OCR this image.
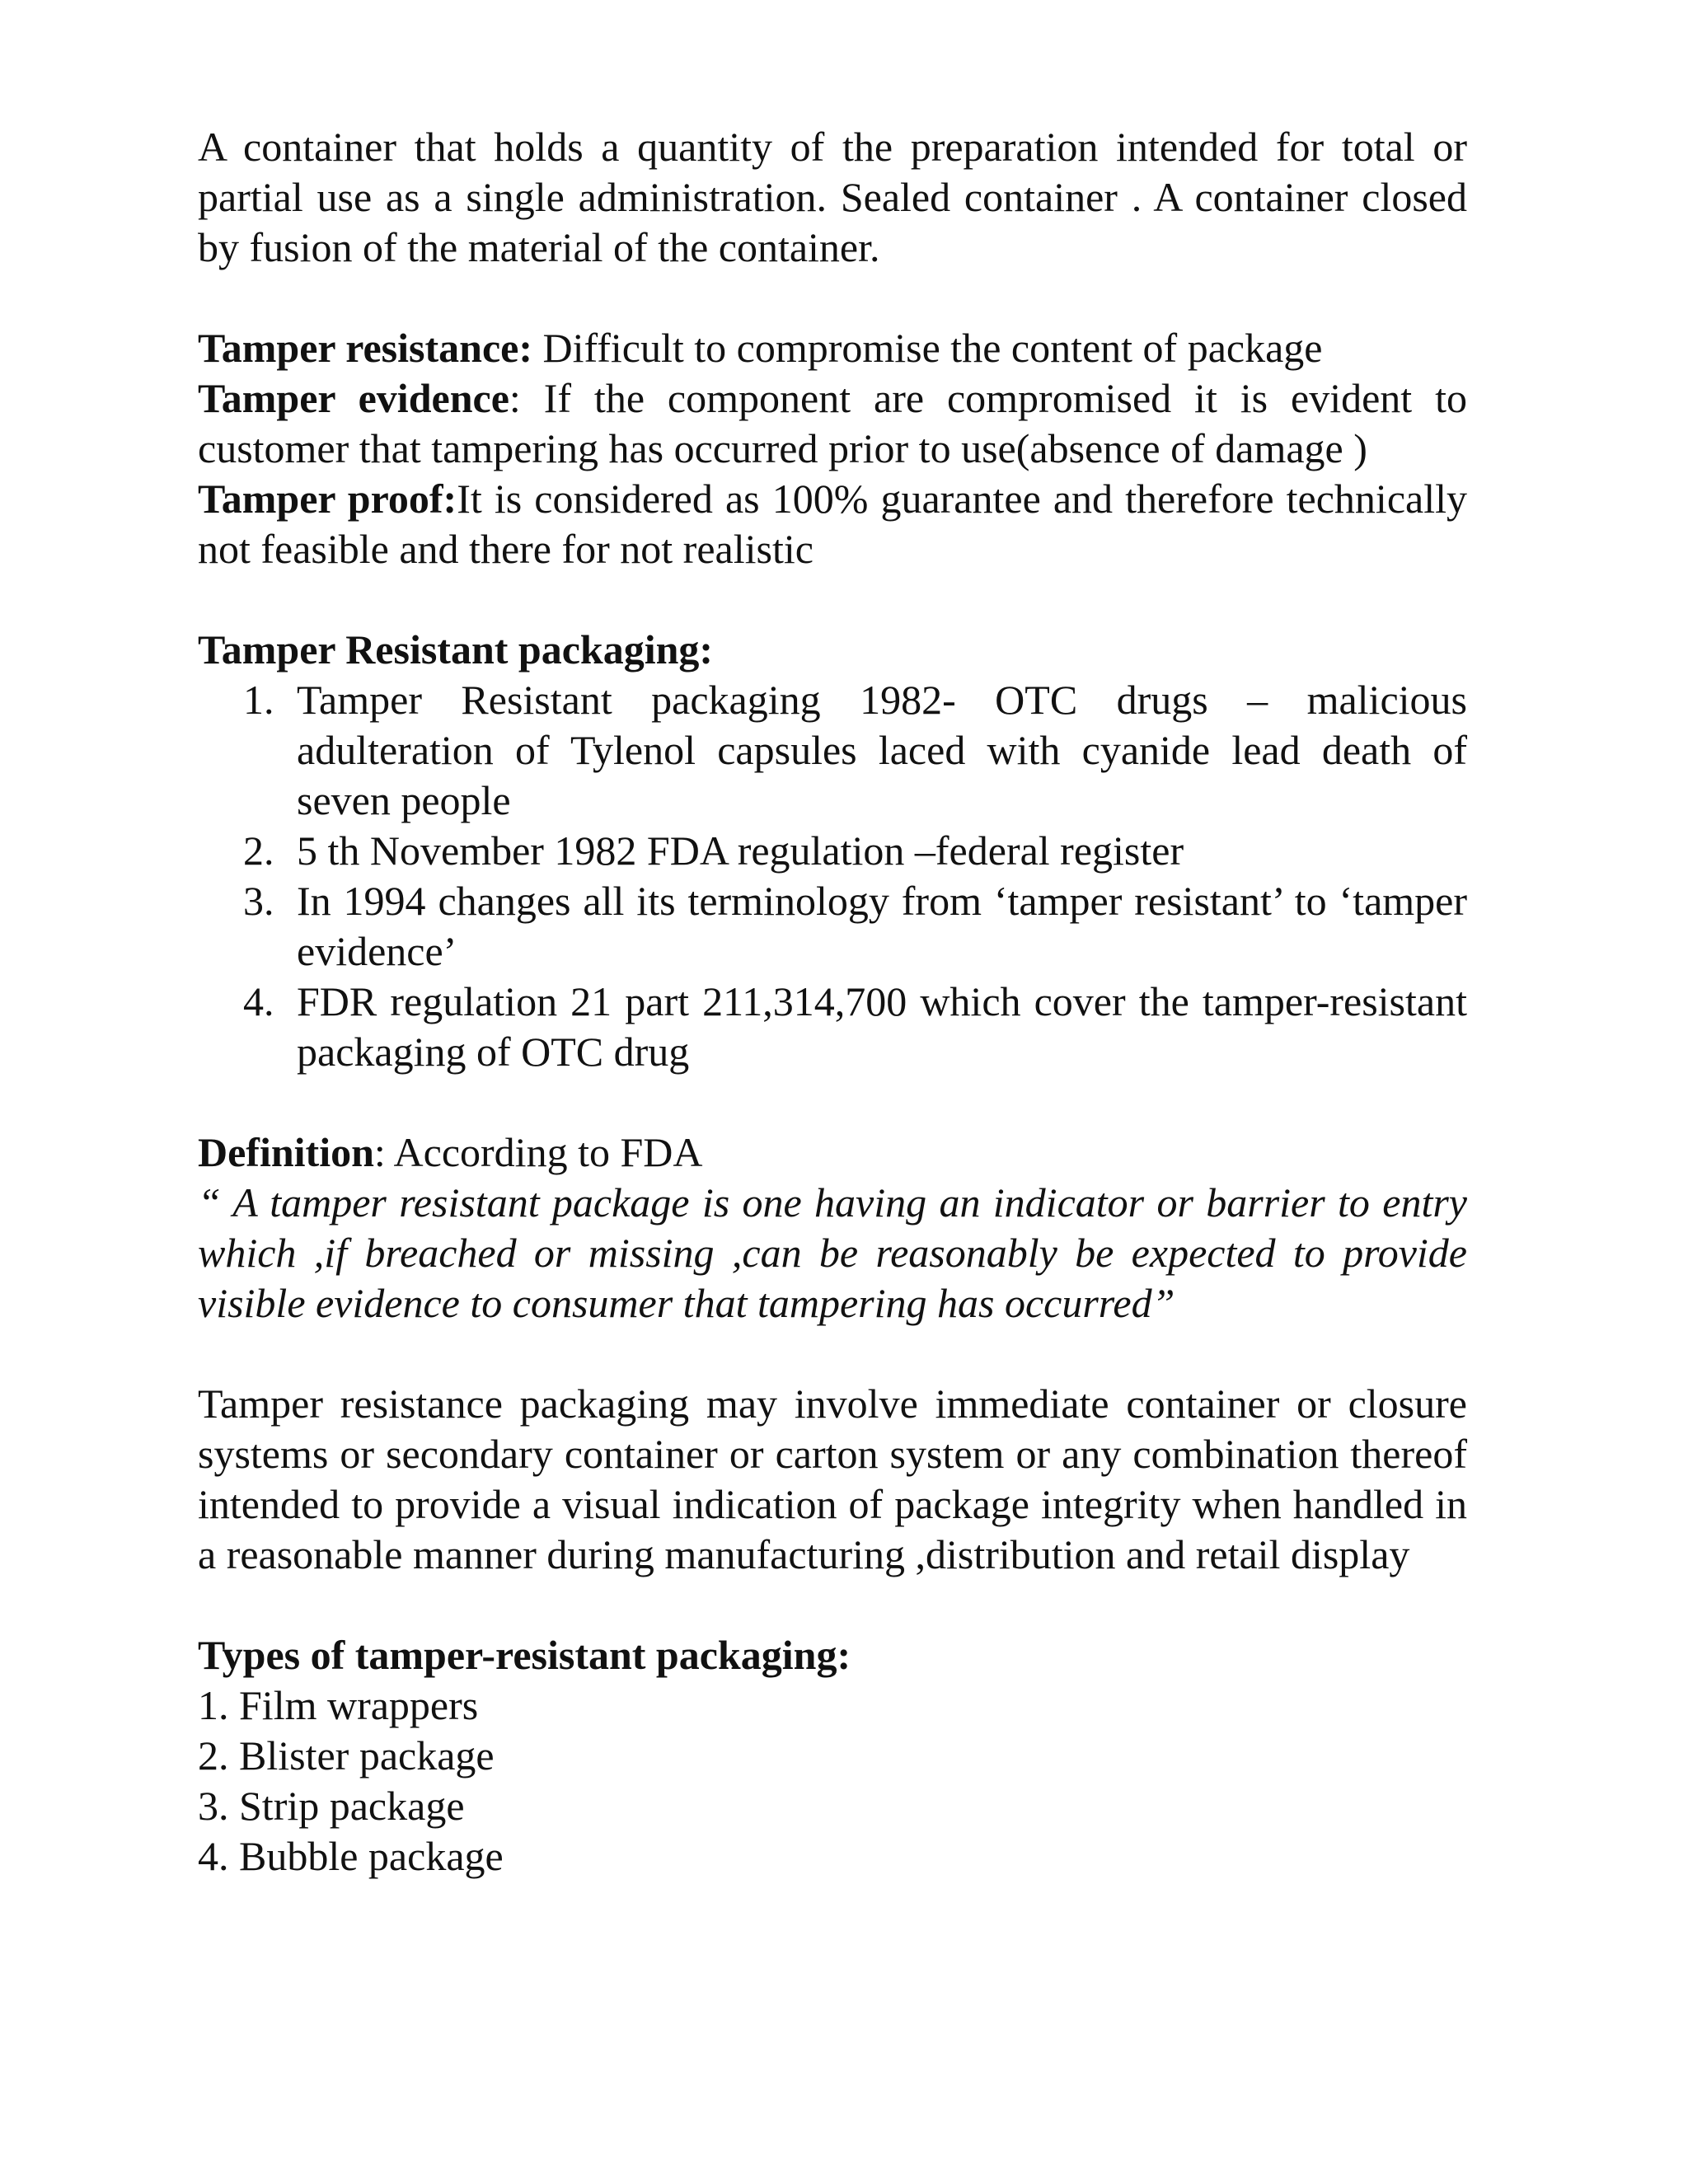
A container that holds a quantity of the preparation intended for total or partial use as a single administration. Sealed container . A container closed by fusion of the material of the container.

Tamper resistance: Difficult to compromise the content of package

Tamper evidence: If the component are compromised it is evident to customer that tampering has occurred prior to use(absence of damage )

Tamper proof:It is considered as 100% guarantee and therefore technically not feasible and there for not realistic

Tamper Resistant packaging:

1. Tamper Resistant packaging 1982- OTC drugs – malicious adulteration of Tylenol capsules laced with cyanide lead death of seven people
2. 5 th November 1982 FDA regulation –federal register
3. In 1994 changes all its terminology from ‘tamper resistant’ to ‘tamper evidence’
4. FDR regulation 21 part 211,314,700 which cover the tamper-resistant packaging of OTC drug

Definition: According to FDA

“ A tamper resistant package is one having an indicator or barrier to entry which ,if breached or missing ,can be reasonably be expected to provide visible evidence to consumer that tampering has occurred”

Tamper resistance packaging may involve immediate container or closure systems or secondary container or carton system or any combination thereof intended to provide a visual indication of package integrity when handled in a reasonable manner during manufacturing ,distribution and retail display

Types of tamper-resistant packaging:

1. Film wrappers
2. Blister package
3. Strip package
4. Bubble package
